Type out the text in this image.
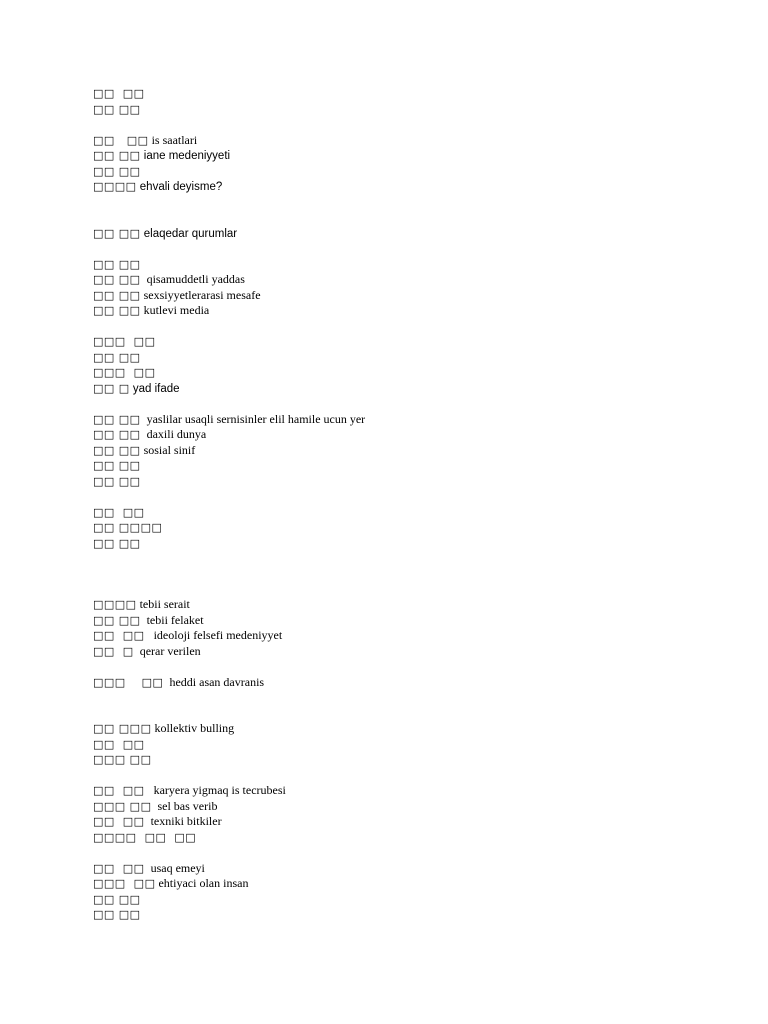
□□  □□
□□ □□
□□   □□ is saatlari
□□ □□ iane medeniyyeti
□□ □□
□□□□ ehvali deyisme?
□□ □□ elaqedar qurumlar
□□ □□
□□ □□  qisamuddetli yaddas
□□ □□ sexsiyyetlerarasi mesafe
□□ □□ kutlevi media
□□□  □□
□□ □□
□□□  □□
□□ □ yad ifade
□□ □□  yaslilar usaqli sernisinler elil hamile ucun yer
□□ □□  daxili dunya
□□ □□ sosial sinif
□□ □□
□□ □□
□□  □□
□□ □□□□
□□ □□
□□□□ tebii serait
□□ □□  tebii felaket
□□  □□   ideoloji felsefi medeniyyet
□□  □  qerar verilen
□□□    □□  heddi asan davranis
□□ □□□ kollektiv bulling
□□  □□
□□□ □□
□□  □□   karyera yigmaq is tecrubesi
□□□ □□  sel bas verib
□□  □□  texniki bitkiler
□□□□  □□  □□
□□  □□  usaq emeyi
□□□  □□ ehtiyaci olan insan
□□ □□
□□ □□
